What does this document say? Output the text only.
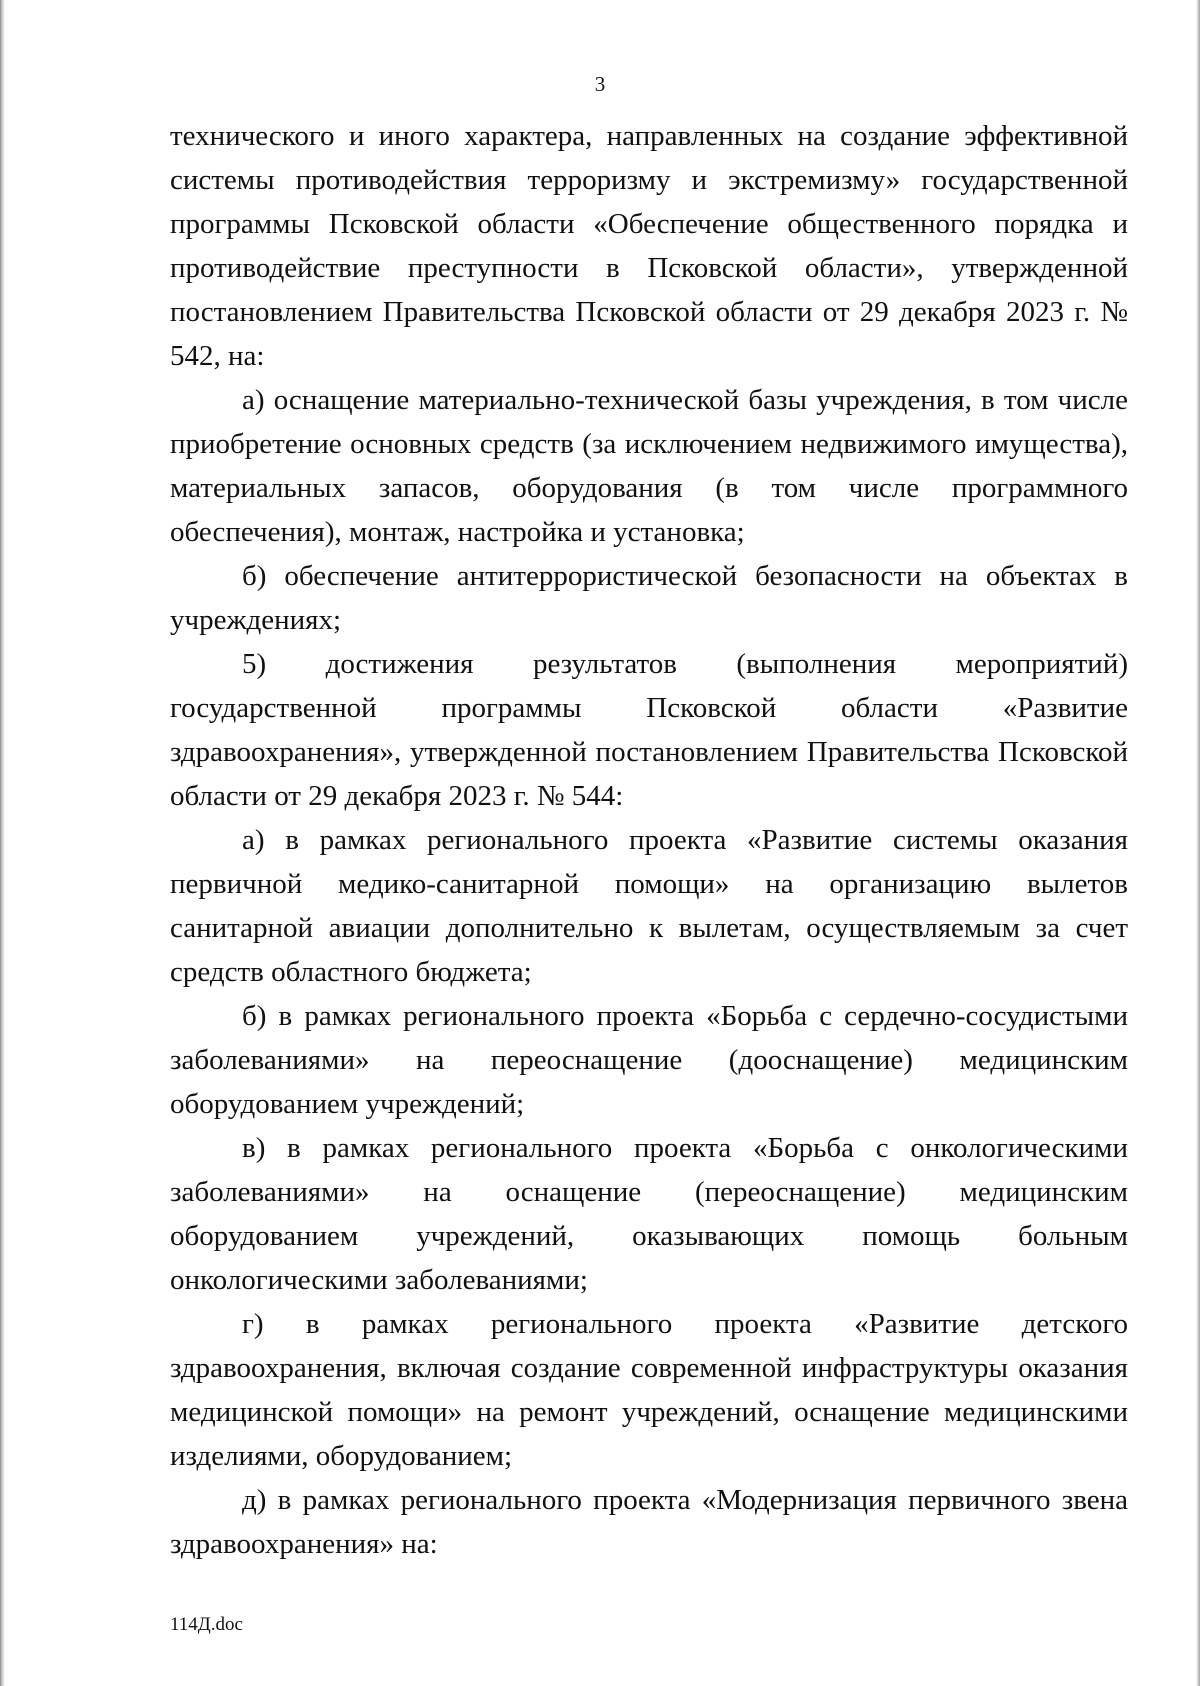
3

технического и иного характера, направленных на создание эффективной системы противодействия терроризму и экстремизму» государственной программы Псковской области «Обеспечение общественного порядка и противодействие преступности в Псковской области», утвержденной постановлением Правительства Псковской области от 29 декабря 2023 г. № 542, на:

а) оснащение материально-технической базы учреждения, в том числе приобретение основных средств (за исключением недвижимого имущества), материальных запасов, оборудования (в том числе программного обеспечения), монтаж, настройка и установка;

б) обеспечение антитеррористической безопасности на объектах в учреждениях;

5) достижения результатов (выполнения мероприятий) государственной программы Псковской области «Развитие здравоохранения», утвержденной постановлением Правительства Псковской области от 29 декабря 2023 г. № 544:

а) в рамках регионального проекта «Развитие системы оказания первичной медико-санитарной помощи» на организацию вылетов санитарной авиации дополнительно к вылетам, осуществляемым за счет средств областного бюджета;

б) в рамках регионального проекта «Борьба с сердечно-сосудистыми заболеваниями» на переоснащение (дооснащение) медицинским оборудованием учреждений;

в) в рамках регионального проекта «Борьба с онкологическими заболеваниями» на оснащение (переоснащение) медицинским оборудованием учреждений, оказывающих помощь больным онкологическими заболеваниями;

г) в рамках регионального проекта «Развитие детского здравоохранения, включая создание современной инфраструктуры оказания медицинской помощи» на ремонт учреждений, оснащение медицинскими изделиями, оборудованием;

д) в рамках регионального проекта «Модернизация первичного звена здравоохранения» на:

114Д.doc
